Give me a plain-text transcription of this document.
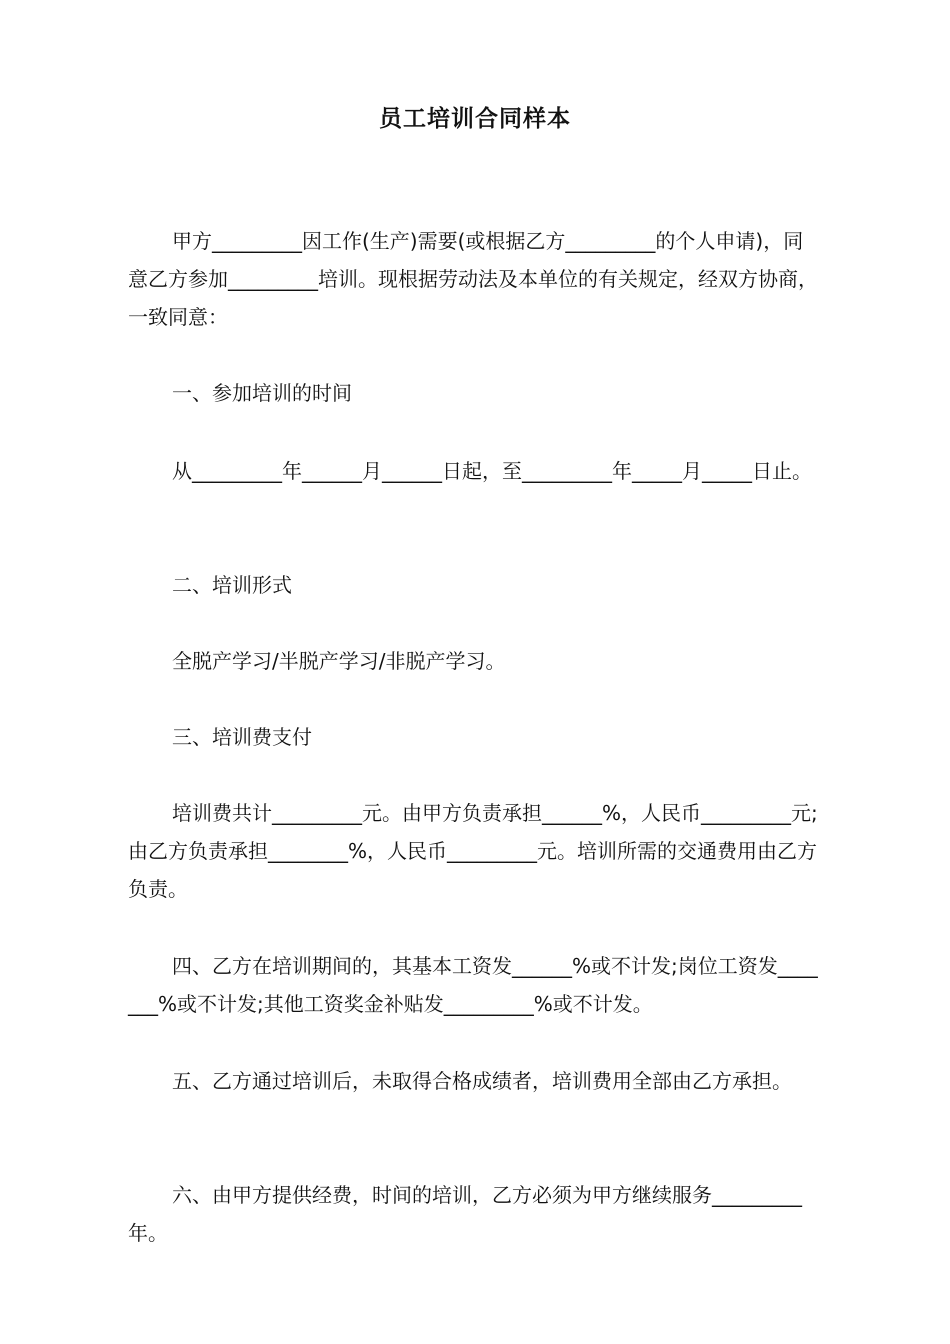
员工培训合同样本

甲方_________因工作(生产)需要(或根据乙方_________的个人申请)，同意乙方参加_________培训。现根据劳动法及本单位的有关规定，经双方协商，一致同意：

一、参加培训的时间

从_________年______月______日起，至_________年_____月_____日止。

二、培训形式

全脱产学习/半脱产学习/非脱产学习。

三、培训费支付

培训费共计_________元。由甲方负责承担______%，人民币_________元;由乙方负责承担________%，人民币_________元。培训所需的交通费用由乙方负责。

四、乙方在培训期间的，其基本工资发______%或不计发;岗位工资发_______%或不计发;其他工资奖金补贴发_________%或不计发。

五、乙方通过培训后，未取得合格成绩者，培训费用全部由乙方承担。

六、由甲方提供经费，时间的培训，乙方必须为甲方继续服务_________年。
